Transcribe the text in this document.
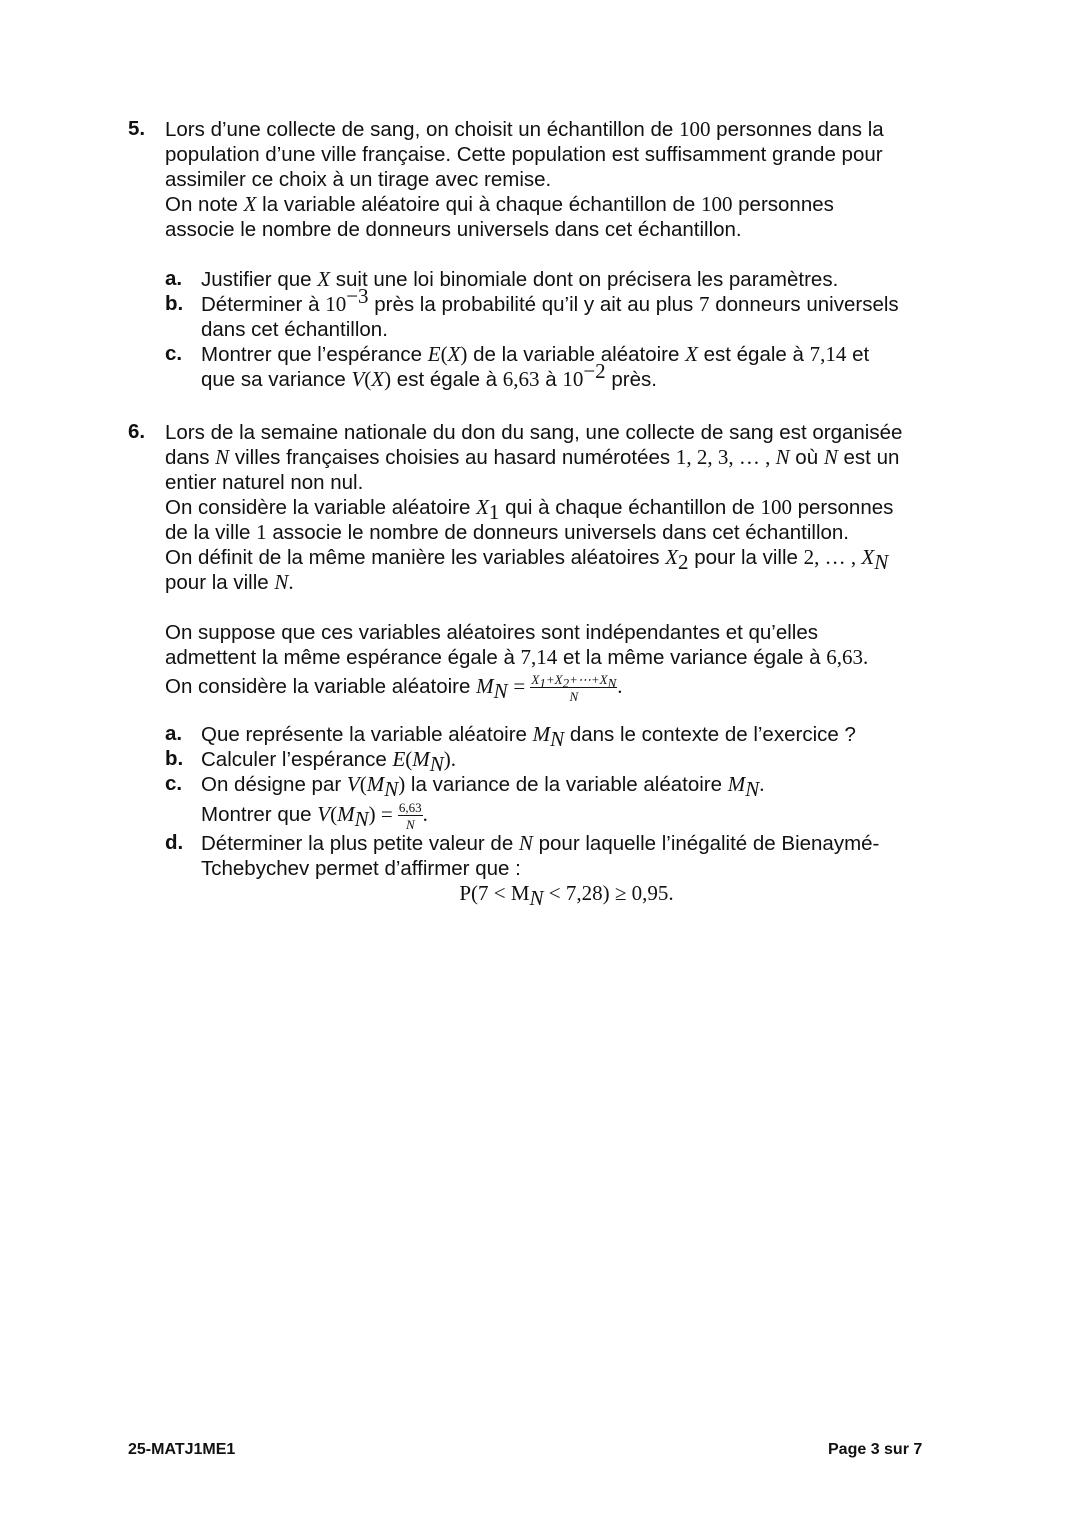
5. Lors d’une collecte de sang, on choisit un échantillon de 100 personnes dans la
population d’une ville française. Cette population est suffisamment grande pour
assimiler ce choix à un tirage avec remise.
On note X la variable aléatoire qui à chaque échantillon de 100 personnes
associe le nombre de donneurs universels dans cet échantillon.
a. Justifier que X suit une loi binomiale dont on précisera les paramètres.
b. Déterminer à $10^{-3}$ près la probabilité qu’il y ait au plus 7 donneurs universels
dans cet échantillon.
c. Montrer que l’espérance E(X) de la variable aléatoire X est égale à 7,14 et
que sa variance V(X) est égale à 6,63 à $10^{-2}$ près.
6. Lors de la semaine nationale du don du sang, une collecte de sang est organisée
dans N villes françaises choisies au hasard numérotées 1, 2, 3, … , N où N est un
entier naturel non nul.
On considère la variable aléatoire $X_1$ qui à chaque échantillon de 100 personnes
de la ville 1 associe le nombre de donneurs universels dans cet échantillon.
On définit de la même manière les variables aléatoires $X_2$ pour la ville 2, … , $X_N$
pour la ville N.
On suppose que ces variables aléatoires sont indépendantes et qu’elles
admettent la même espérance égale à 7,14 et la même variance égale à 6,63.
On considère la variable aléatoire $M_N = \frac{X_1+X_2+\cdots+X_N}{N}$ .
a. Que représente la variable aléatoire $M_N$ dans le contexte de l’exercice ?
b. Calculer l’espérance $E(M_N)$.
c. On désigne par $V(M_N)$ la variance de la variable aléatoire $M_N$.
Montrer que $V(M_N) = \frac{6,63}{N}$ .
d. Déterminer la plus petite valeur de N pour laquelle l’inégalité de Bienaymé-
Tchebychev permet d’affirmer que :
$P(7 < M_N < 7,28) \ge 0,95$.
25-MATJ1ME1	Page 3 sur 7
